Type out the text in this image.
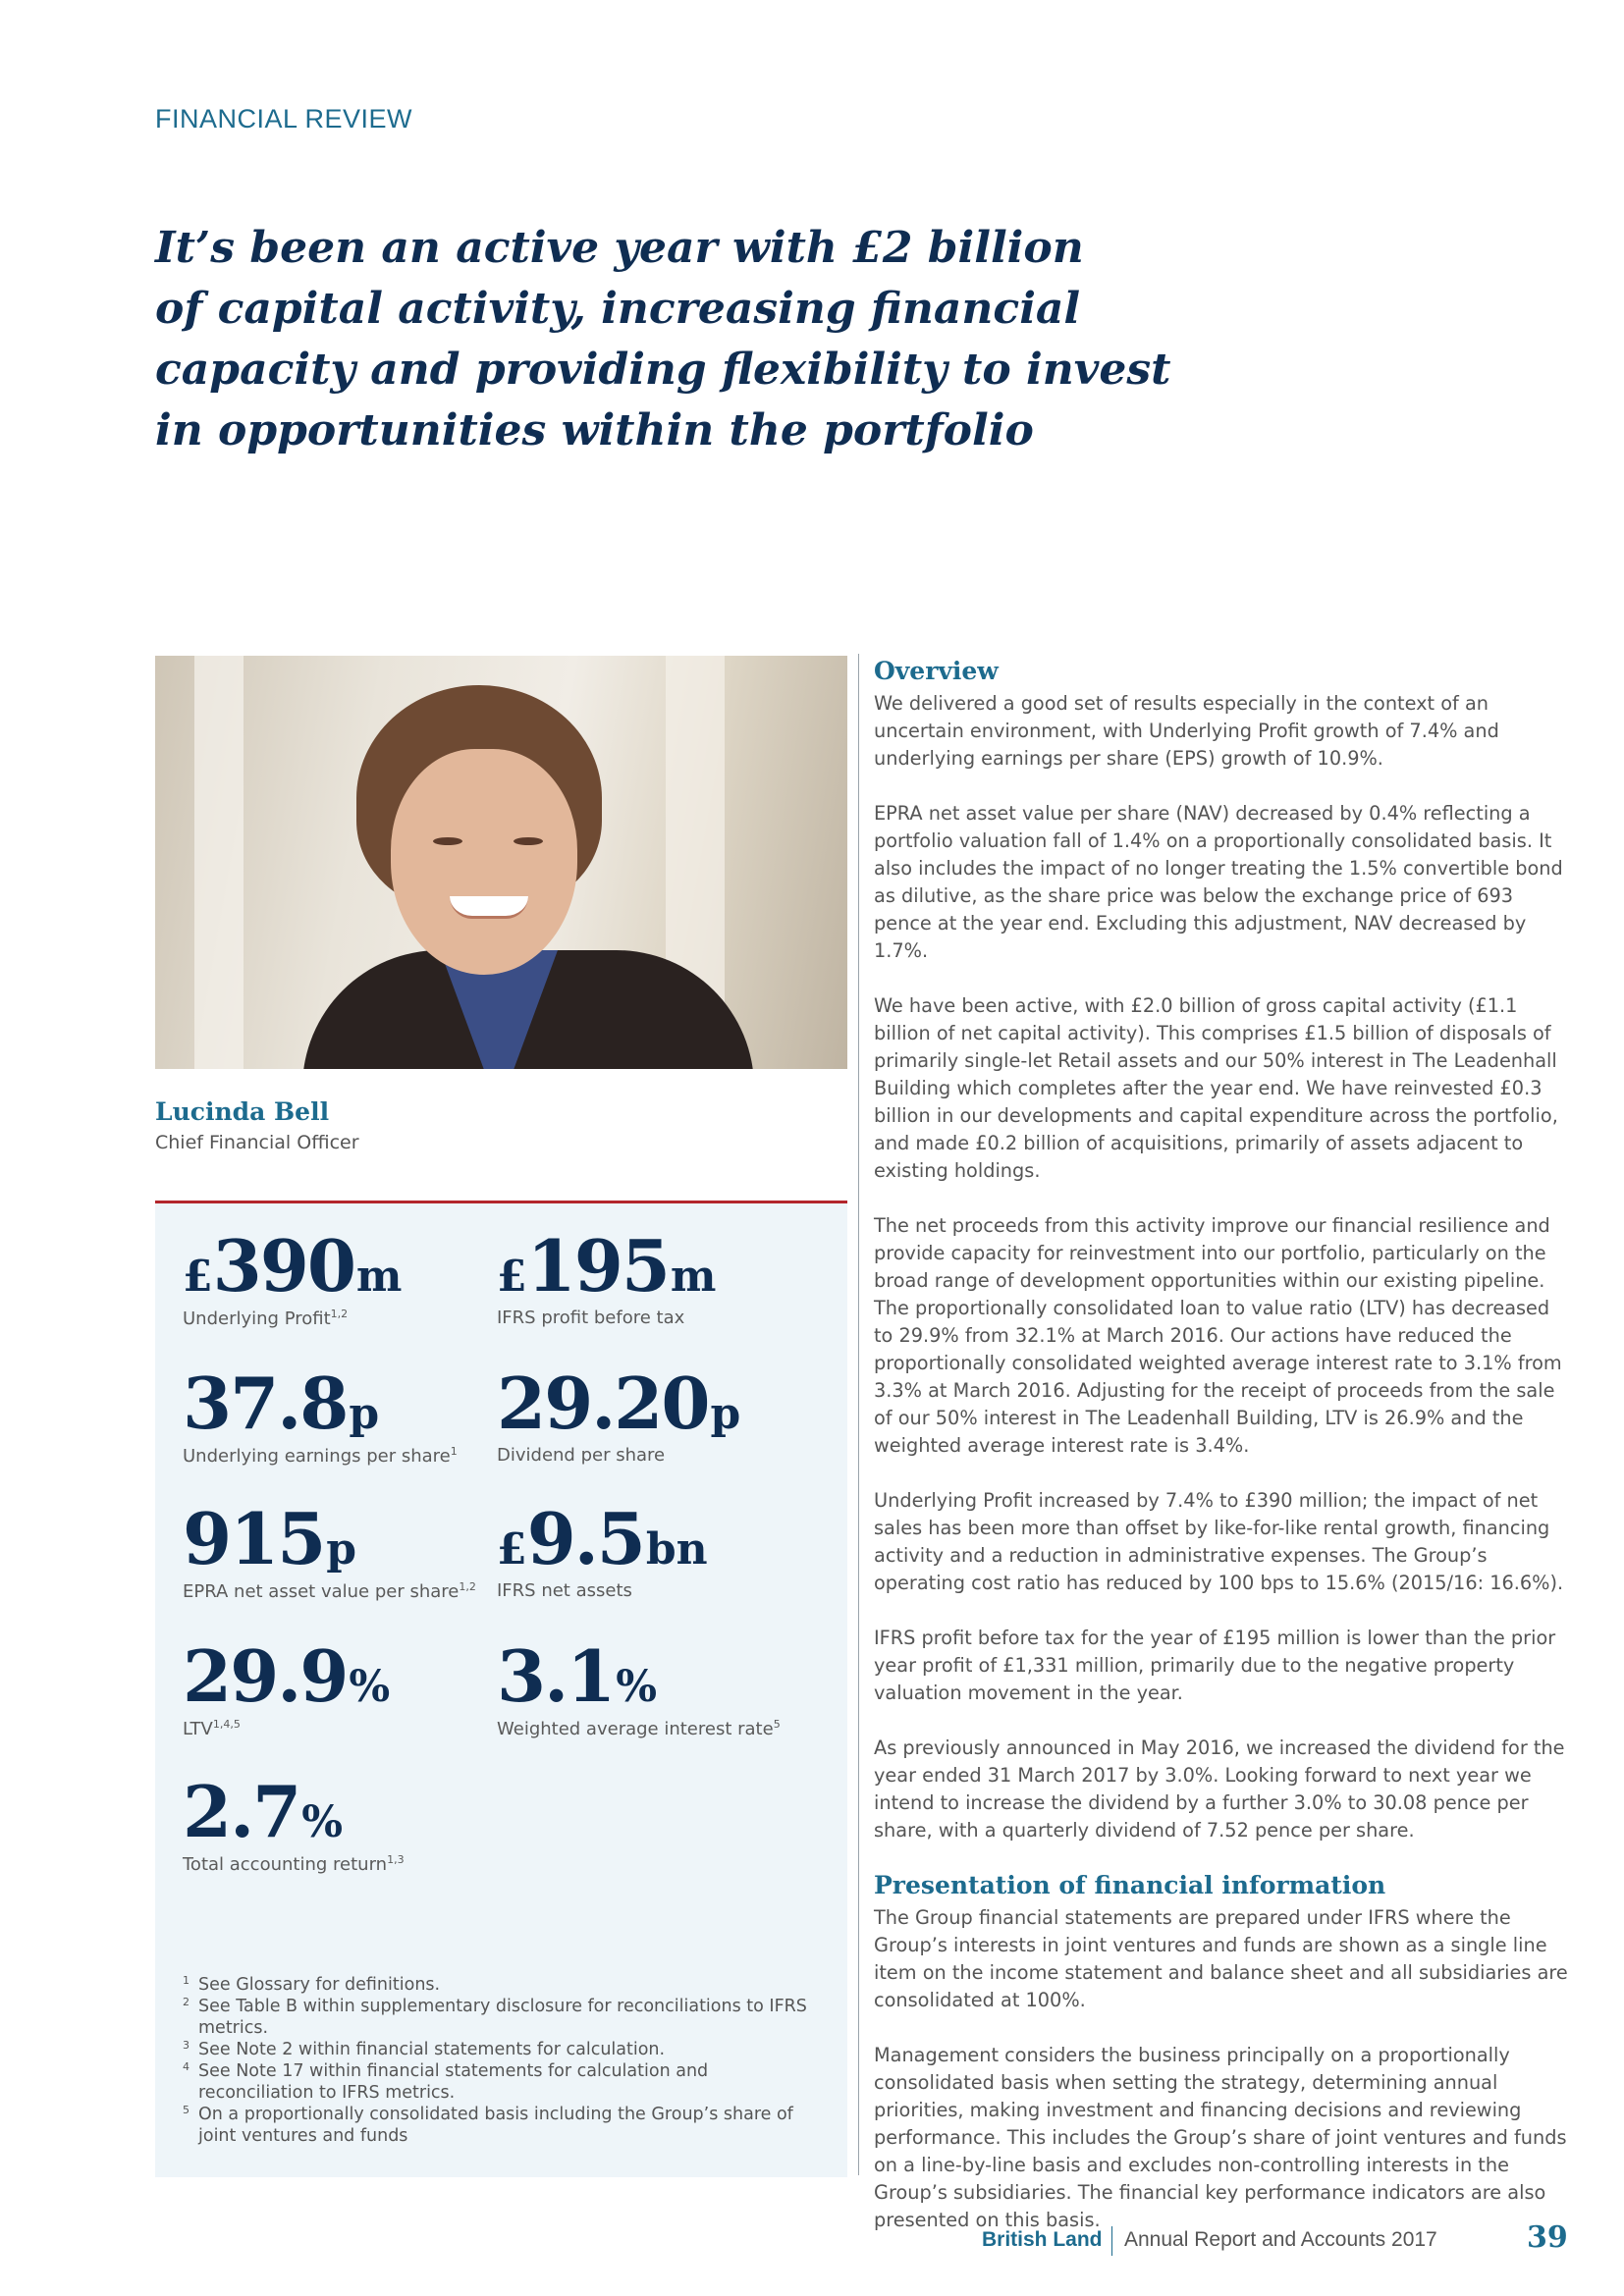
FINANCIAL REVIEW
It’s been an active year with £2 billion
of capital activity, increasing financial
capacity and providing flexibility to invest
in opportunities within the portfolio
Lucinda Bell
Chief Financial Officer
£390m
Underlying Profit$^{1,2}$
£195m
IFRS profit before tax
37.8p
Underlying earnings per share$^1$
29.20p
Dividend per share
915p
EPRA net asset value per share$^{1,2}$
£9.5bn
IFRS net assets
29.9%
LTV$^{1,4,5}$
3.1%
Weighted average interest rate$^5$
2.7%
Total accounting return$^{1,3}$
1 See Glossary for definitions.
2 See Table B within supplementary disclosure for reconciliations to IFRS metrics.
3 See Note 2 within financial statements for calculation.
4 See Note 17 within financial statements for calculation and reconciliation to IFRS metrics.
5 On a proportionally consolidated basis including the Group’s share of joint ventures and funds
Overview

We delivered a good set of results especially in the context of an uncertain environment, with Underlying Profit growth of 7.4% and underlying earnings per share (EPS) growth of 10.9%.

EPRA net asset value per share (NAV) decreased by 0.4% reflecting a portfolio valuation fall of 1.4% on a proportionally consolidated basis. It also includes the impact of no longer treating the 1.5% convertible bond as dilutive, as the share price was below the exchange price of 693 pence at the year end. Excluding this adjustment, NAV decreased by 1.7%.

We have been active, with £2.0 billion of gross capital activity (£1.1 billion of net capital activity). This comprises £1.5 billion of disposals of primarily single-let Retail assets and our 50% interest in The Leadenhall Building which completes after the year end. We have reinvested £0.3 billion in our developments and capital expenditure across the portfolio, and made £0.2 billion of acquisitions, primarily of assets adjacent to existing holdings.

The net proceeds from this activity improve our financial resilience and provide capacity for reinvestment into our portfolio, particularly on the broad range of development opportunities within our existing pipeline. The proportionally consolidated loan to value ratio (LTV) has decreased to 29.9% from 32.1% at March 2016. Our actions have reduced the proportionally consolidated weighted average interest rate to 3.1% from 3.3% at March 2016. Adjusting for the receipt of proceeds from the sale of our 50% interest in The Leadenhall Building, LTV is 26.9% and the weighted average interest rate is 3.4%.

Underlying Profit increased by 7.4% to £390 million; the impact of net sales has been more than offset by like-for-like rental growth, financing activity and a reduction in administrative expenses. The Group’s operating cost ratio has reduced by 100 bps to 15.6% (2015/16: 16.6%).

IFRS profit before tax for the year of £195 million is lower than the prior year profit of £1,331 million, primarily due to the negative property valuation movement in the year.

As previously announced in May 2016, we increased the dividend for the year ended 31 March 2017 by 3.0%. Looking forward to next year we intend to increase the dividend by a further 3.0% to 30.08 pence per share, with a quarterly dividend of 7.52 pence per share.

Presentation of financial information

The Group financial statements are prepared under IFRS where the Group’s interests in joint ventures and funds are shown as a single line item on the income statement and balance sheet and all subsidiaries are consolidated at 100%.

Management considers the business principally on a proportionally consolidated basis when setting the strategy, determining annual priorities, making investment and financing decisions and reviewing performance. This includes the Group’s share of joint ventures and funds on a line-by-line basis and excludes non-controlling interests in the Group’s subsidiaries. The financial key performance indicators are also presented on this basis.

British Land Annual Report and Accounts 2017	39
